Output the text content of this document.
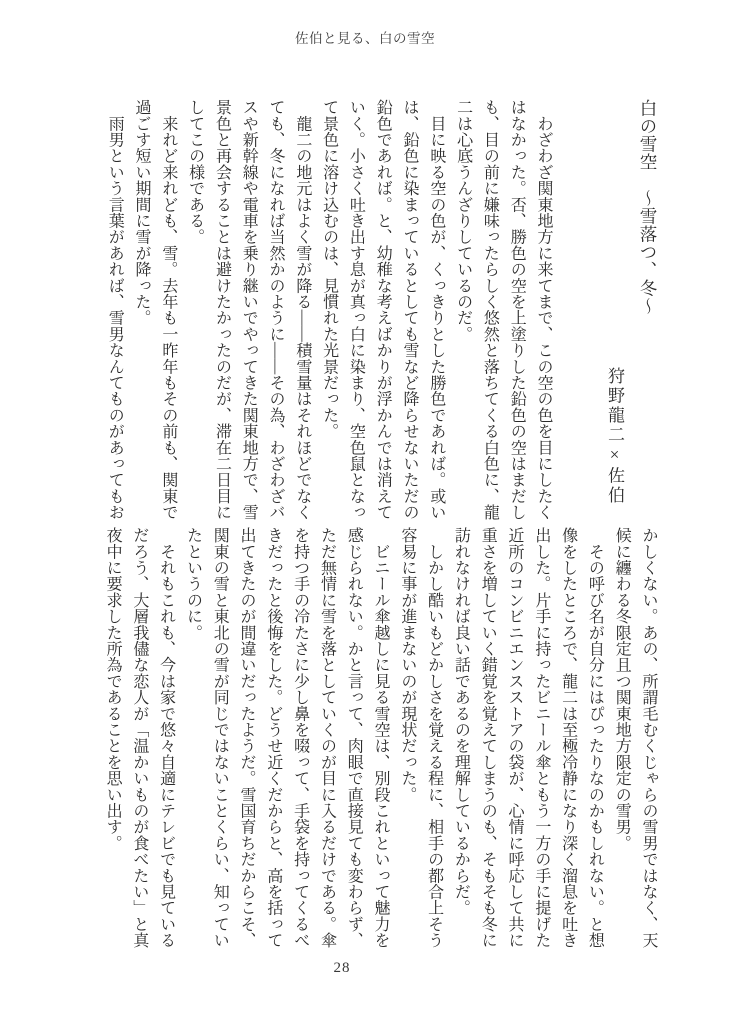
佐伯と見る、白の雪空
白の雪空　～雪落つ、冬～
狩野龍二×佐伯
　わざわざ関東地方に来てまで、この空の色を目にしたく
はなかった。否、勝色の空を上塗りした鉛色の空はまだし
も、目の前に嫌味ったらしく悠然と落ちてくる白色に、龍
二は心底うんざりしているのだ。
　目に映る空の色が、くっきりとした勝色であれば。或い
は、鉛色に染まっているとしても雪など降らせないただの
鉛色であれば。と、幼稚な考えばかりが浮かんでは消えて
いく。小さく吐き出す息が真っ白に染まり、空色鼠となっ
て景色に溶け込むのは、見慣れた光景だった。
　龍二の地元はよく雪が降る――積雪量はそれほどでなく
ても、冬になれば当然かのように――その為、わざわざバ
スや新幹線や電車を乗り継いでやってきた関東地方で、雪
景色と再会することは避けたかったのだが、滞在二日目に
してこの様である。
　来れど来れども、雪。去年も一昨年もその前も、関東で
過ごす短い期間に雪が降った。
　雨男という言葉があれば、雪男なんてものがあってもお
かしくない。あの、所謂毛むくじゃらの雪男ではなく、天
候に纏わる冬限定且つ関東地方限定の雪男。
　その呼び名が自分にはぴったりなのかもしれない。と想
像をしたところで、龍二は至極冷静になり深く溜息を吐き
出した。片手に持ったビニール傘ともう一方の手に提げた
近所のコンビニエンスストアの袋が、心情に呼応して共に
重さを増していく錯覚を覚えてしまうのも、そもそも冬に
訪れなければ良い話であるのを理解しているからだ。
　しかし酷いもどかしさを覚える程に、相手の都合上そう
容易に事が進まないのが現状だった。
　ビニール傘越しに見る雪空は、別段これといって魅力を
感じられない。かと言って、肉眼で直接見ても変わらず、
ただ無情に雪を落としていくのが目に入るだけである。傘
を持つ手の冷たさに少し鼻を啜って、手袋を持ってくるべ
きだったと後悔をした。どうせ近くだからと、高を括って
出てきたのが間違いだったようだ。雪国育ちだからこそ、
関東の雪と東北の雪が同じではないことくらい、知ってい
たというのに。
　それもこれも、今は家で悠々自適にテレビでも見ている
だろう、大層我儘な恋人が「温かいものが食べたい」と真
夜中に要求した所為であることを思い出す。
28
